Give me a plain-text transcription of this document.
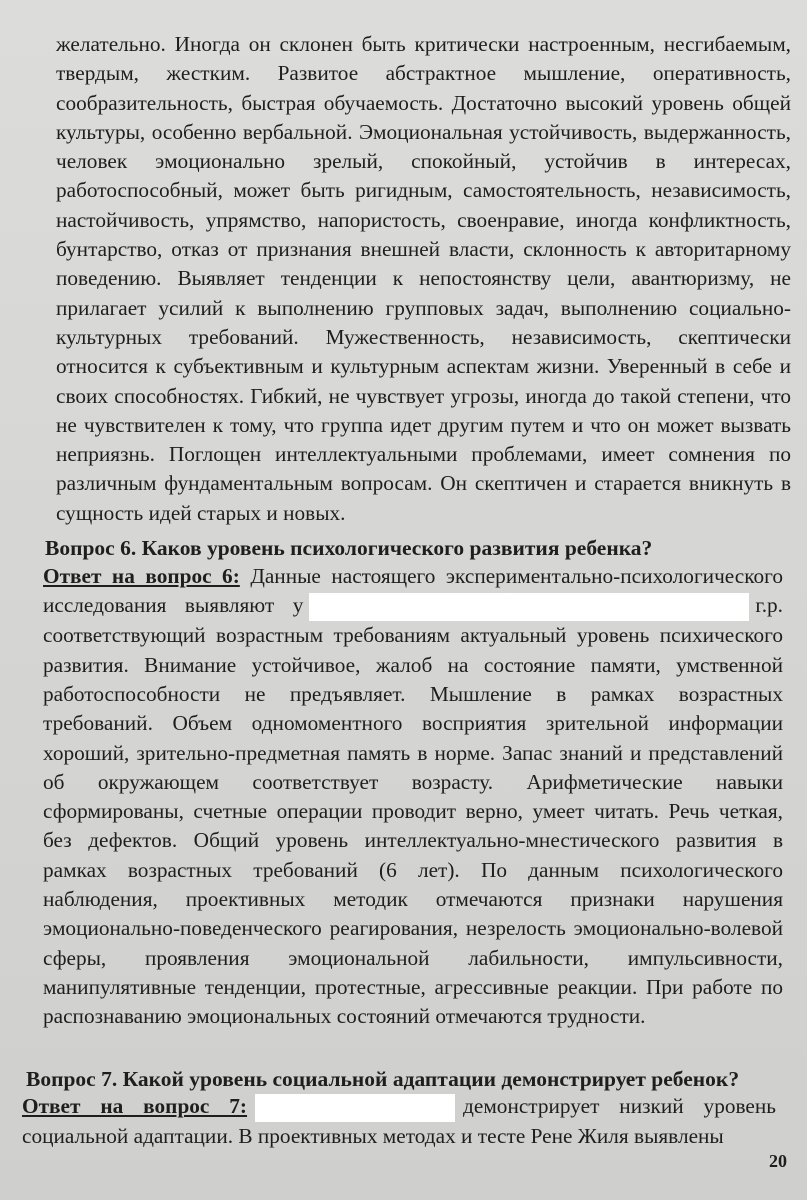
желательно. Иногда он склонен быть критически настроенным, несгибаемым, твердым, жестким. Развитое абстрактное мышление, оперативность, сообразительность, быстрая обучаемость. Достаточно высокий уровень общей культуры, особенно вербальной. Эмоциональная устойчивость, выдержанность, человек эмоционально зрелый, спокойный, устойчив в интересах, работоспособный, может быть ригидным, самостоятельность, независимость, настойчивость, упрямство, напористость, своенравие, иногда конфликтность, бунтарство, отказ от признания внешней власти, склонность к авторитарному поведению. Выявляет тенденции к непостоянству цели, авантюризму, не прилагает усилий к выполнению групповых задач, выполнению социально-культурных требований. Мужественность, независимость, скептически относится к субъективным и культурным аспектам жизни. Уверенный в себе и своих способностях. Гибкий, не чувствует угрозы, иногда до такой степени, что не чувствителен к тому, что группа идет другим путем и что он может вызвать неприязнь. Поглощен интеллектуальными проблемами, имеет сомнения по различным фундаментальным вопросам. Он скептичен и старается вникнуть в сущность идей старых и новых.

Вопрос 6. Каков уровень психологического развития ребенка?

Ответ на вопрос 6: Данные настоящего экспериментально-психологического исследования выявляют у	г.р. соответствующий возрастным требованиям актуальный уровень психического развития. Внимание устойчивое, жалоб на состояние памяти, умственной работоспособности не предъявляет. Мышление в рамках возрастных требований. Объем одномоментного восприятия зрительной информации хороший, зрительно-предметная память в норме. Запас знаний и представлений об окружающем соответствует возрасту. Арифметические навыки сформированы, счетные операции проводит верно, умеет читать. Речь четкая, без дефектов. Общий уровень интеллектуально-мнестического развития в рамках возрастных требований (6 лет). По данным психологического наблюдения, проективных методик отмечаются признаки нарушения эмоционально-поведенческого реагирования, незрелость эмоционально-волевой сферы, проявления эмоциональной лабильности, импульсивности, манипулятивные тенденции, протестные, агрессивные реакции. При работе по распознаванию эмоциональных состояний отмечаются трудности.

Вопрос 7. Какой уровень социальной адаптации демонстрирует ребенок?

Ответ на вопрос 7:	демонстрирует низкий уровень социальной адаптации. В проективных методах и тесте Рене Жиля выявлены

20
